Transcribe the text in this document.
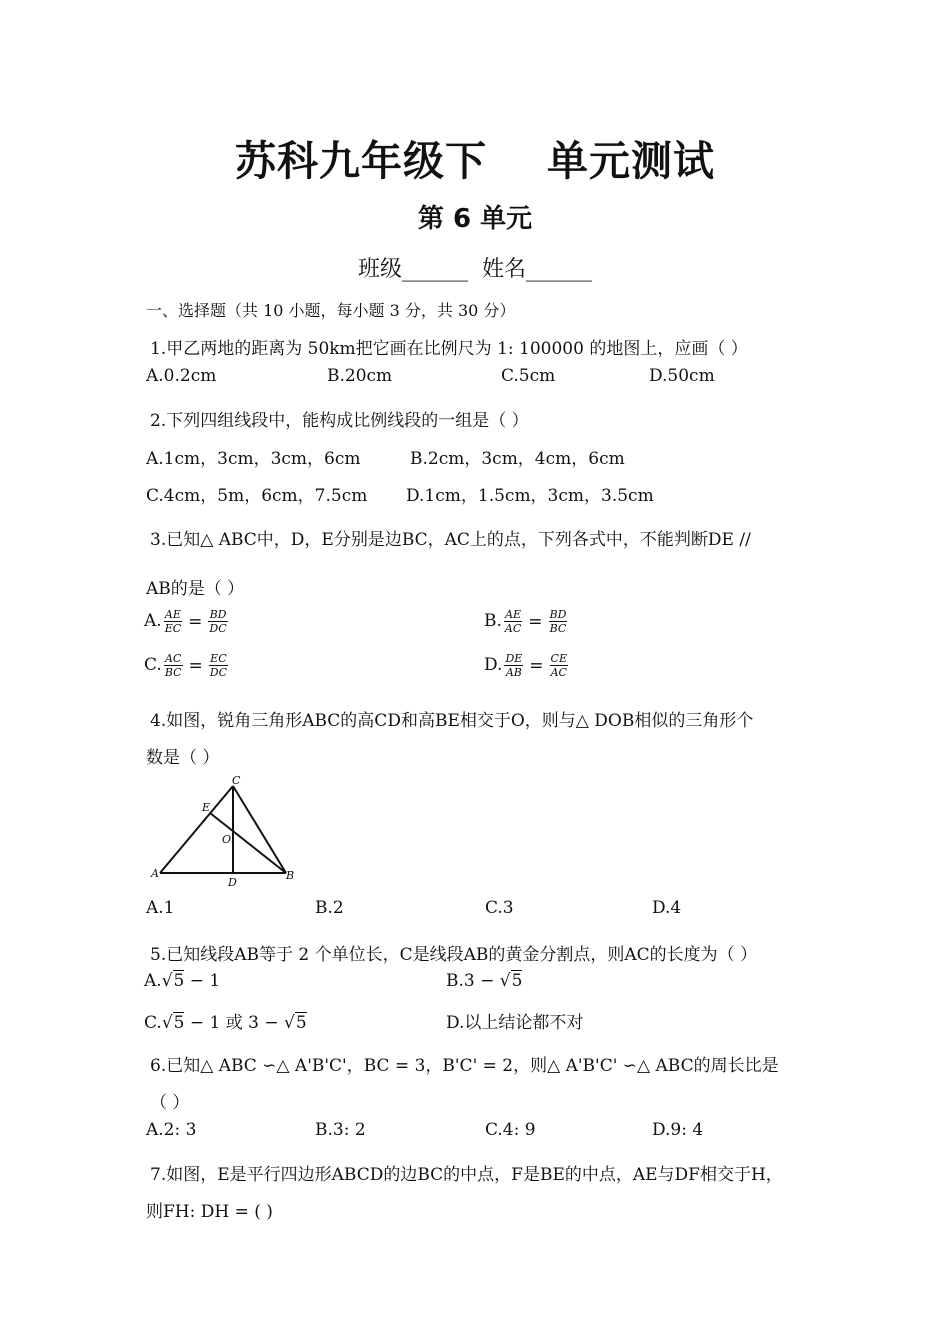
苏科九年级下 单元测试
第 6 单元
班级______ 姓名______
一、选择题（共 10 小题，每小题 3 分，共 30 分）
1.甲乙两地的距离为 50km把它画在比例尺为 1: 100000 的地图上，应画（ ）
A.0.2cm	B.20cm	C.5cm	D.50cm
2.下列四组线段中，能构成比例线段的一组是（ ）
A.1cm，3cm，3cm，6cm	B.2cm，3cm，4cm，6cm
C.4cm，5m，6cm，7.5cm D.1cm，1.5cm，3cm，3.5cm
3.已知△ ABC中，D，E分别是边BC，AC上的点，下列各式中，不能判断DE //
AB的是（ ）
A. $\frac{AE}{EC} = \frac{BD}{DC}$	B. $\frac{AE}{AC} = \frac{BD}{BC}$
C. $\frac{AC}{BC} = \frac{EC}{DC}$	D. $\frac{DE}{AB} = \frac{CE}{AC}$
4.如图，锐角三角形ABC的高CD和高BE相交于O，则与△ DOB相似的三角形个
数是（ ）
A	B
C
D
E
O
A.1	B.2	C.3	D.4
5.已知线段AB等于 2 个单位长，C是线段AB的黄金分割点，则AC的长度为（ ）
A.√5 − 1	B.3 − √5
C.√5 − 1 或 3 − √5	D.以上结论都不对
6.已知△ ABC ∽△ A'B'C'，BC = 3，B'C' = 2，则△ A'B'C' ∽△ ABC的周长比是
（ ）
A.2: 3	B.3: 2	C.4: 9	D.9: 4
7.如图，E是平行四边形ABCD的边BC的中点，F是BE的中点，AE与DF相交于H，
则FH: DH = ( )
